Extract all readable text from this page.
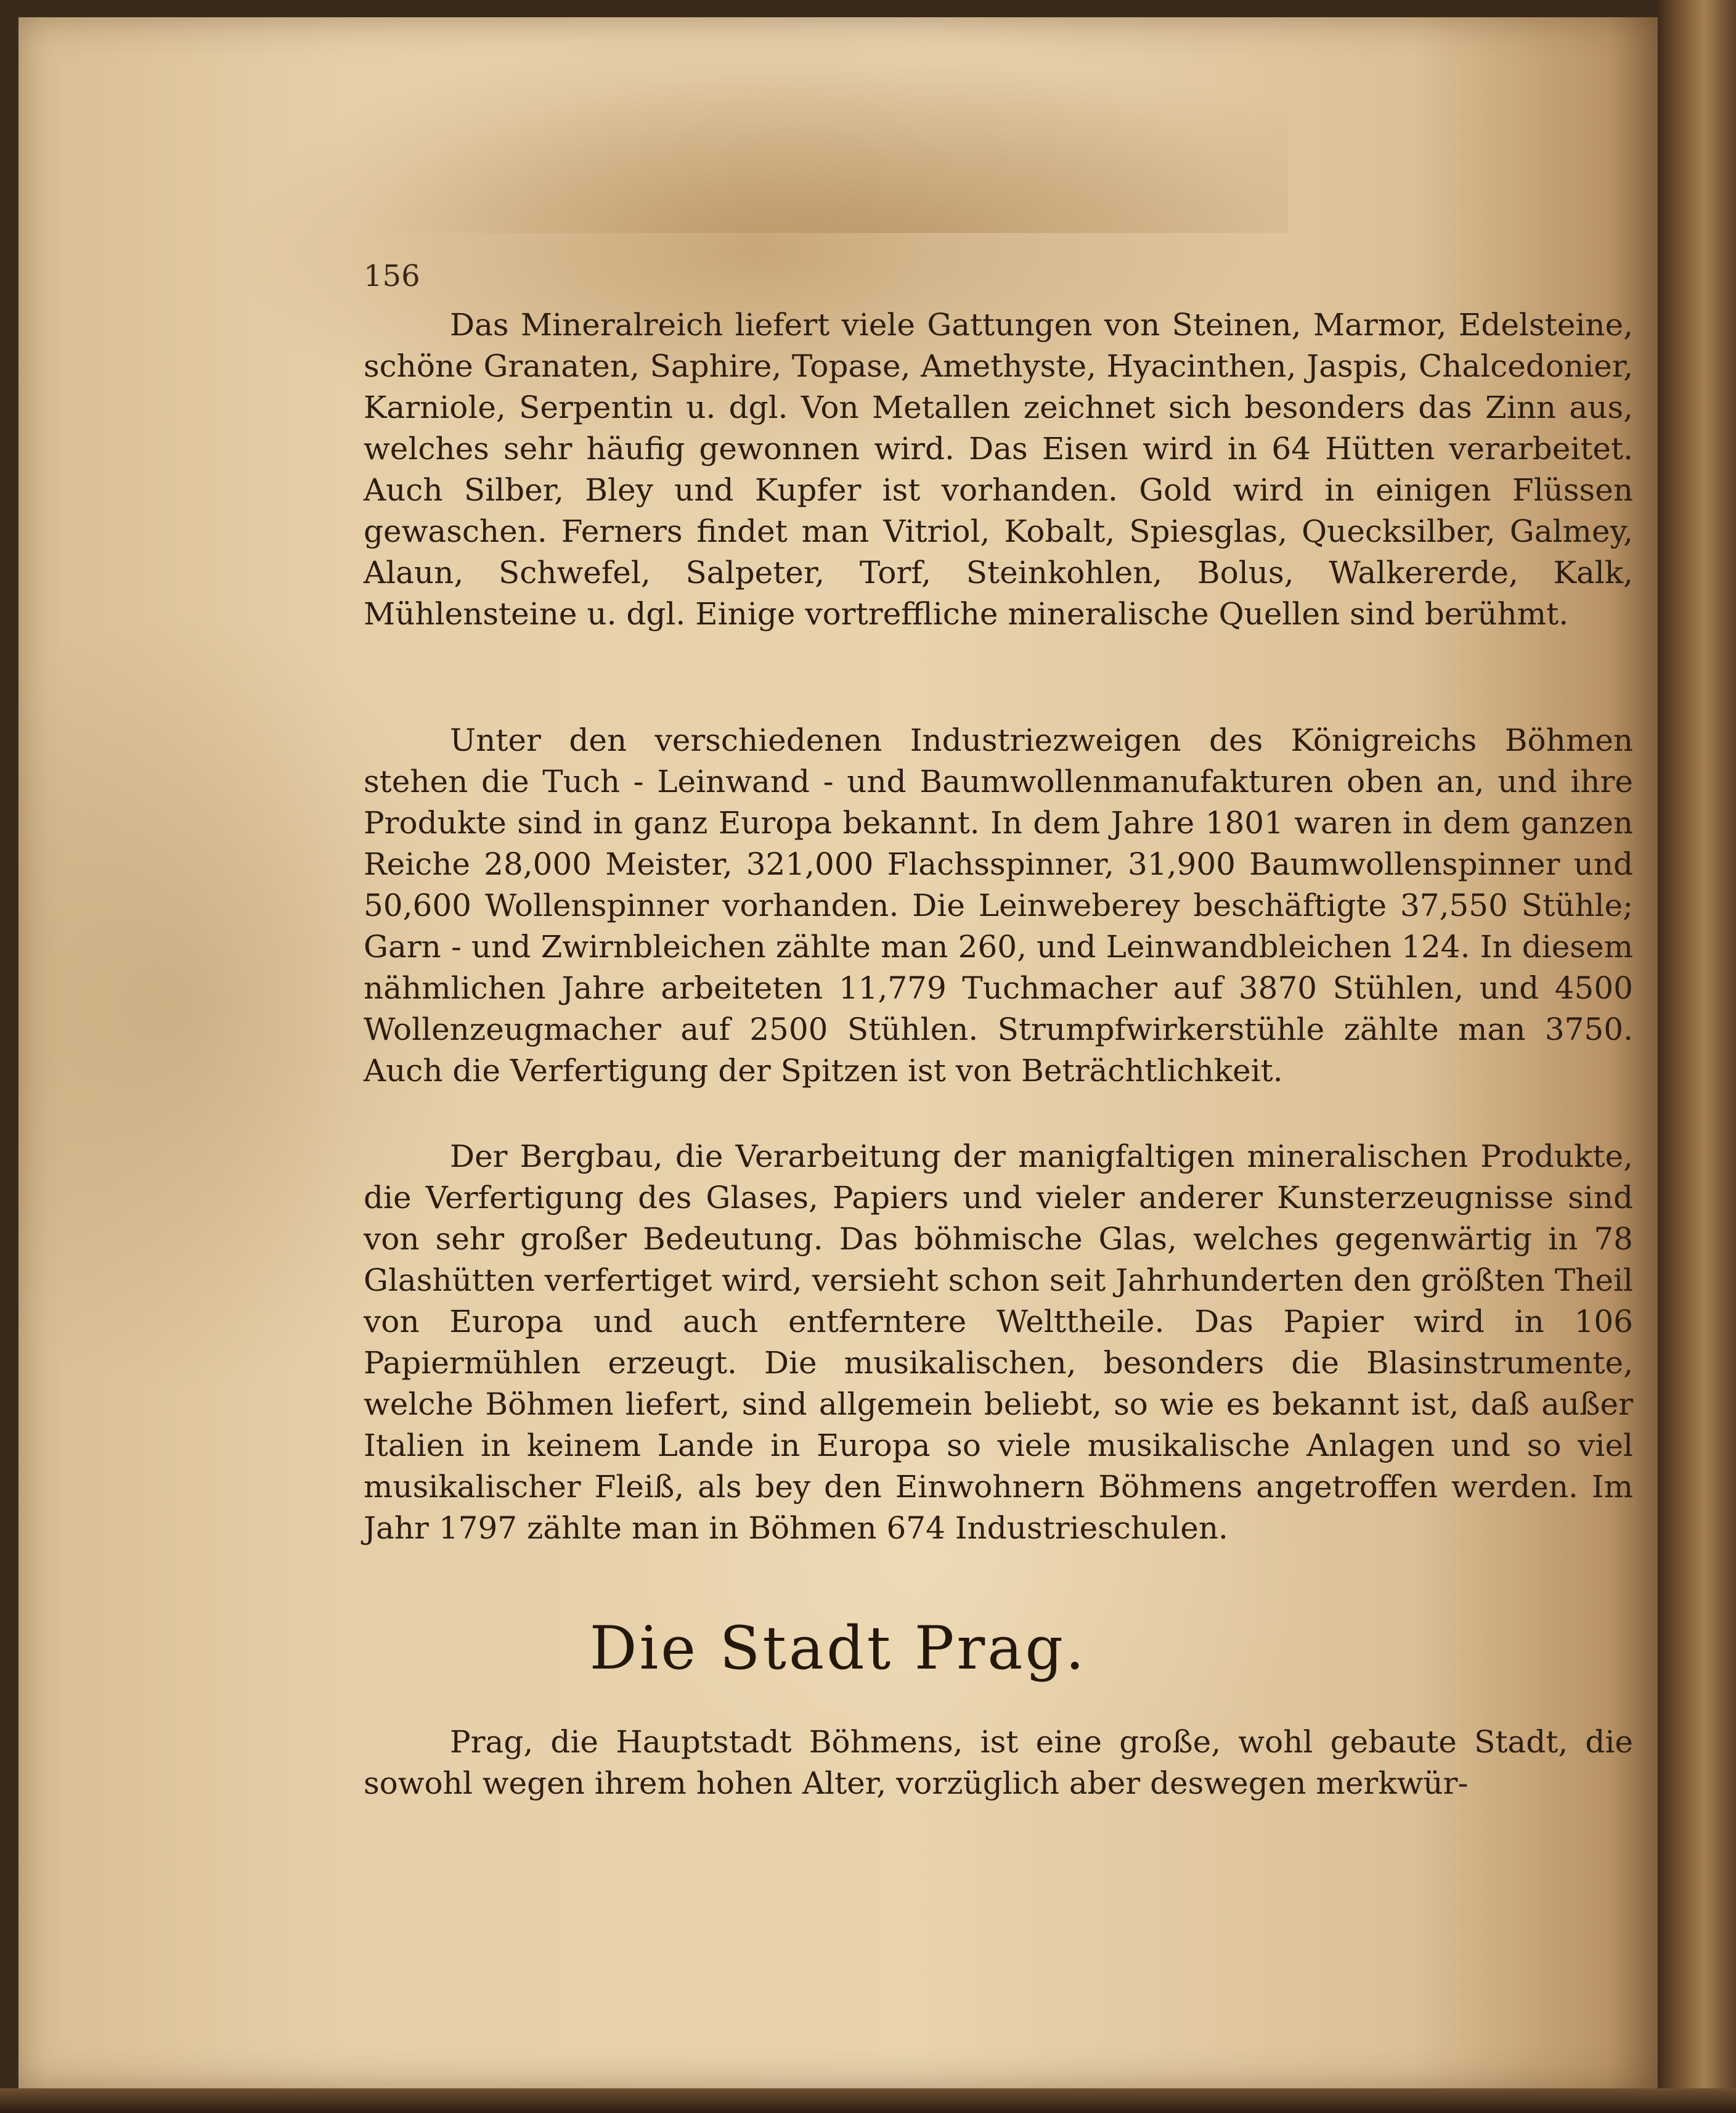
156

Das Mineralreich liefert viele Gattungen von Steinen, Marmor, Edelsteine, schöne Granaten, Saphire, Topase, Amethyste, Hyacinthen, Jaspis, Chalcedonier, Karniole, Serpentin u. dgl. Von Metallen zeichnet sich besonders das Zinn aus, welches sehr häufig gewonnen wird. Das Eisen wird in 64 Hütten verarbeitet. Auch Silber, Bley und Kupfer ist vorhanden. Gold wird in einigen Flüssen gewaschen. Ferners findet man Vitriol, Kobalt, Spiesglas, Quecksilber, Galmey, Alaun, Schwefel, Salpeter, Torf, Steinkohlen, Bolus, Walkererde, Kalk, Mühlensteine u. dgl. Einige vortreffliche mineralische Quellen sind berühmt.

Unter den verschiedenen Industriezweigen des Königreichs Böhmen stehen die Tuch - Leinwand - und Baumwollenmanufakturen oben an, und ihre Produkte sind in ganz Europa bekannt. In dem Jahre 1801 waren in dem ganzen Reiche 28,000 Meister, 321,000 Flachsspinner, 31,900 Baumwollenspinner und 50,600 Wollenspinner vorhanden. Die Leinweberey beschäftigte 37,550 Stühle; Garn - und Zwirnbleichen zählte man 260, und Leinwandbleichen 124. In diesem nähmlichen Jahre arbeiteten 11,779 Tuchmacher auf 3870 Stühlen, und 4500 Wollenzeugmacher auf 2500 Stühlen. Strumpfwirkerstühle zählte man 3750. Auch die Verfertigung der Spitzen ist von Beträchtlichkeit.

Der Bergbau, die Verarbeitung der manigfaltigen mineralischen Produkte, die Verfertigung des Glases, Papiers und vieler anderer Kunsterzeugnisse sind von sehr großer Bedeutung. Das böhmische Glas, welches gegenwärtig in 78 Glashütten verfertiget wird, versieht schon seit Jahrhunderten den größten Theil von Europa und auch entferntere Welttheile. Das Papier wird in 106 Papiermühlen erzeugt. Die musikalischen, besonders die Blasinstrumente, welche Böhmen liefert, sind allgemein beliebt, so wie es bekannt ist, daß außer Italien in keinem Lande in Europa so viele musikalische Anlagen und so viel musikalischer Fleiß, als bey den Einwohnern Böhmens angetroffen werden. Im Jahr 1797 zählte man in Böhmen 674 Industrieschulen.

Die Stadt Prag.

Prag, die Hauptstadt Böhmens, ist eine große, wohl gebaute Stadt, die sowohl wegen ihrem hohen Alter, vorzüglich aber deswegen merkwür-
